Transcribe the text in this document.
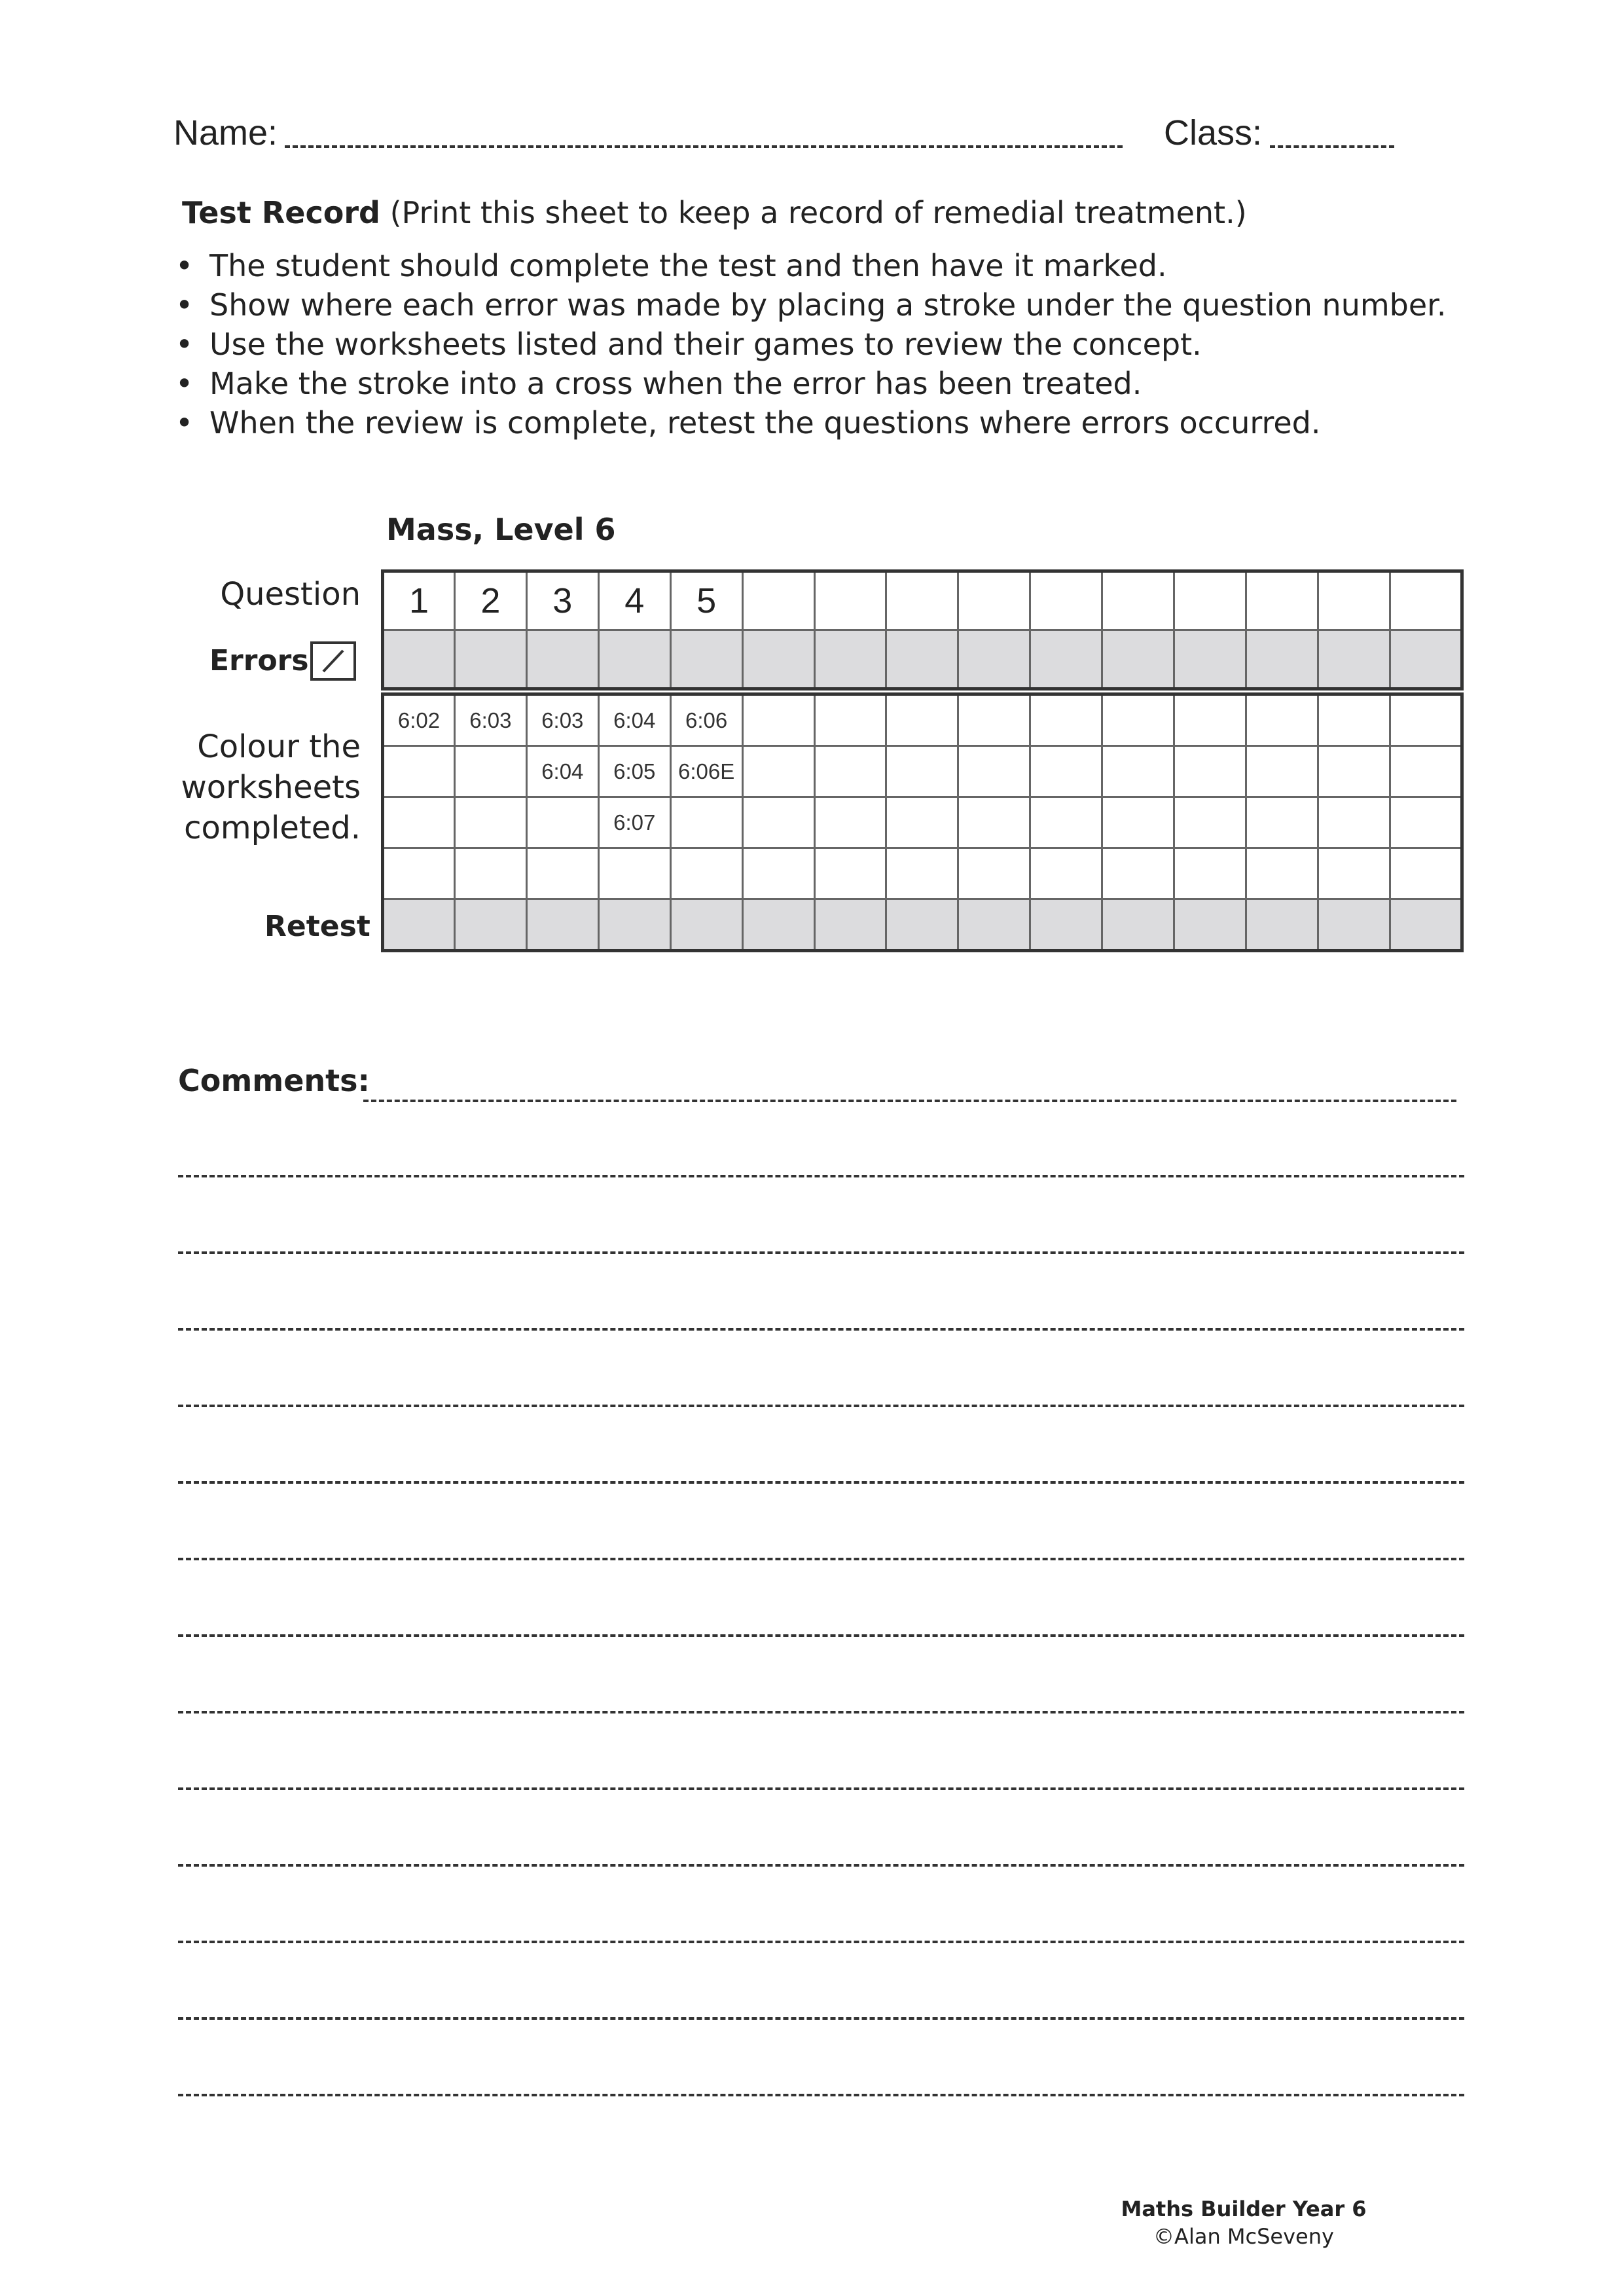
Name:	Class:
Test Record (Print this sheet to keep a record of remedial treatment.)
• The student should complete the test and then have it marked.
• Show where each error was made by placing a stroke under the question number.
• Use the worksheets listed and their games to review the concept.
• Make the stroke into a cross when the error has been treated.
• When the review is complete, retest the questions where errors occurred.
Mass, Level 6
Question
Errors
Colour the
worksheets
completed.
Retest
1	2	3	4	5										

6:02	6:03	6:03	6:04	6:06										
		6:04	6:05	6:06E										
			6:07											

Comments:
Maths Builder Year 6
©Alan McSeveny
